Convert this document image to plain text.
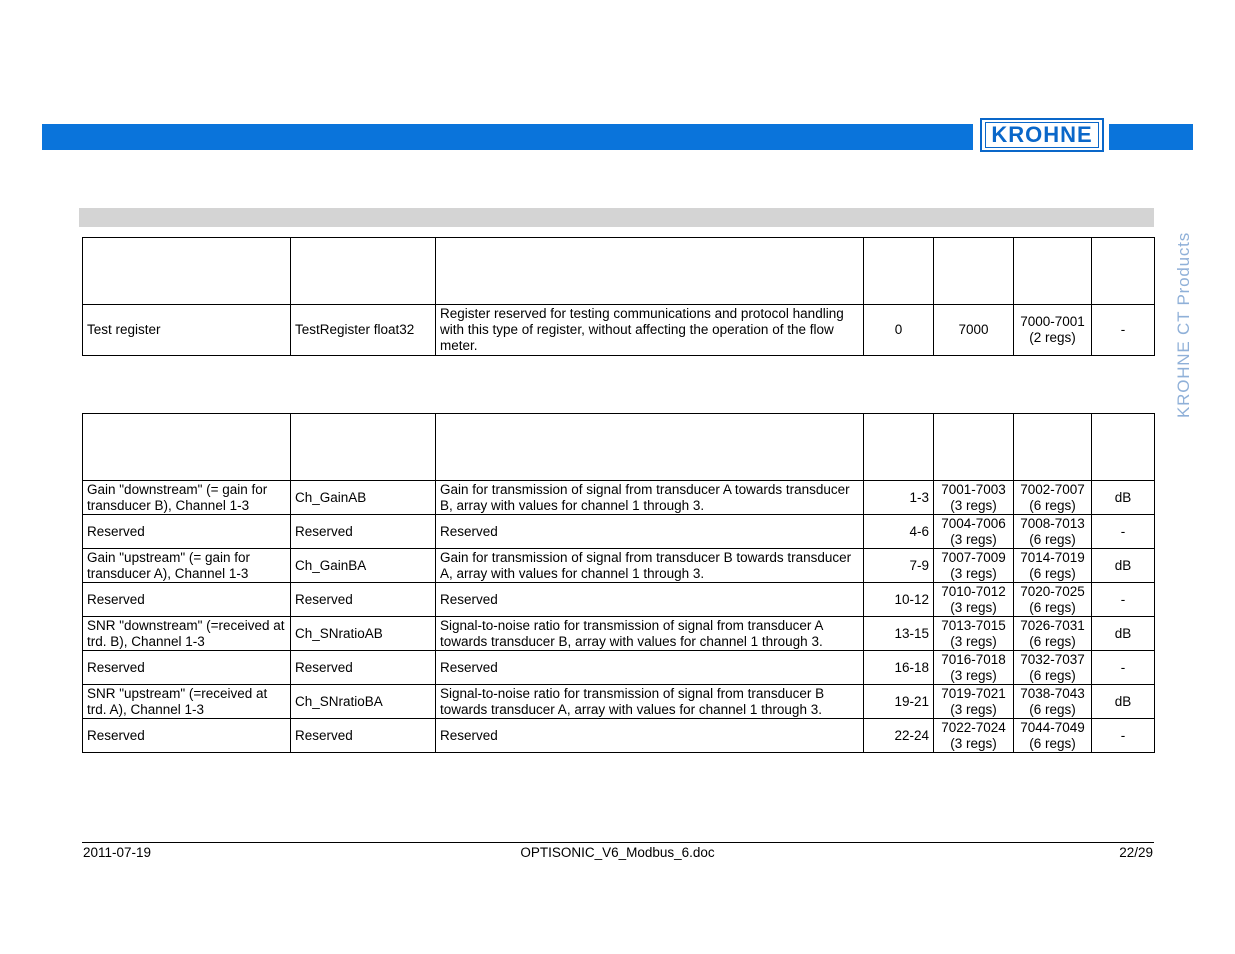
KROHNE
KROHNE CT Products

Test register	TestRegister float32	Register reserved for testing communications and protocol handling with this type of register, without affecting the operation of the flow meter.	0	7000	7000-7001 (2 regs)	-

Gain "downstream" (= gain for transducer B), Channel 1-3	Ch_GainAB	Gain for transmission of signal from transducer A towards transducer B, array with values for channel 1 through 3.	1-3	7001-7003 (3 regs)	7002-7007 (6 regs)	dB
Reserved	Reserved	Reserved	4-6	7004-7006 (3 regs)	7008-7013 (6 regs)	-
Gain "upstream" (= gain for transducer A), Channel 1-3	Ch_GainBA	Gain for transmission of signal from transducer B towards transducer A, array with values for channel 1 through 3.	7-9	7007-7009 (3 regs)	7014-7019 (6 regs)	dB
Reserved	Reserved	Reserved	10-12	7010-7012 (3 regs)	7020-7025 (6 regs)	-
SNR "downstream" (=received at trd. B), Channel 1-3	Ch_SNratioAB	Signal-to-noise ratio for transmission of signal from transducer A towards transducer B, array with values for channel 1 through 3.	13-15	7013-7015 (3 regs)	7026-7031 (6 regs)	dB
Reserved	Reserved	Reserved	16-18	7016-7018 (3 regs)	7032-7037 (6 regs)	-
SNR "upstream" (=received at trd. A), Channel 1-3	Ch_SNratioBA	Signal-to-noise ratio for transmission of signal from transducer B towards transducer A, array with values for channel 1 through 3.	19-21	7019-7021 (3 regs)	7038-7043 (6 regs)	dB
Reserved	Reserved	Reserved	22-24	7022-7024 (3 regs)	7044-7049 (6 regs)	-
2011-07-19	OPTISONIC_V6_Modbus_6.doc	22/29
